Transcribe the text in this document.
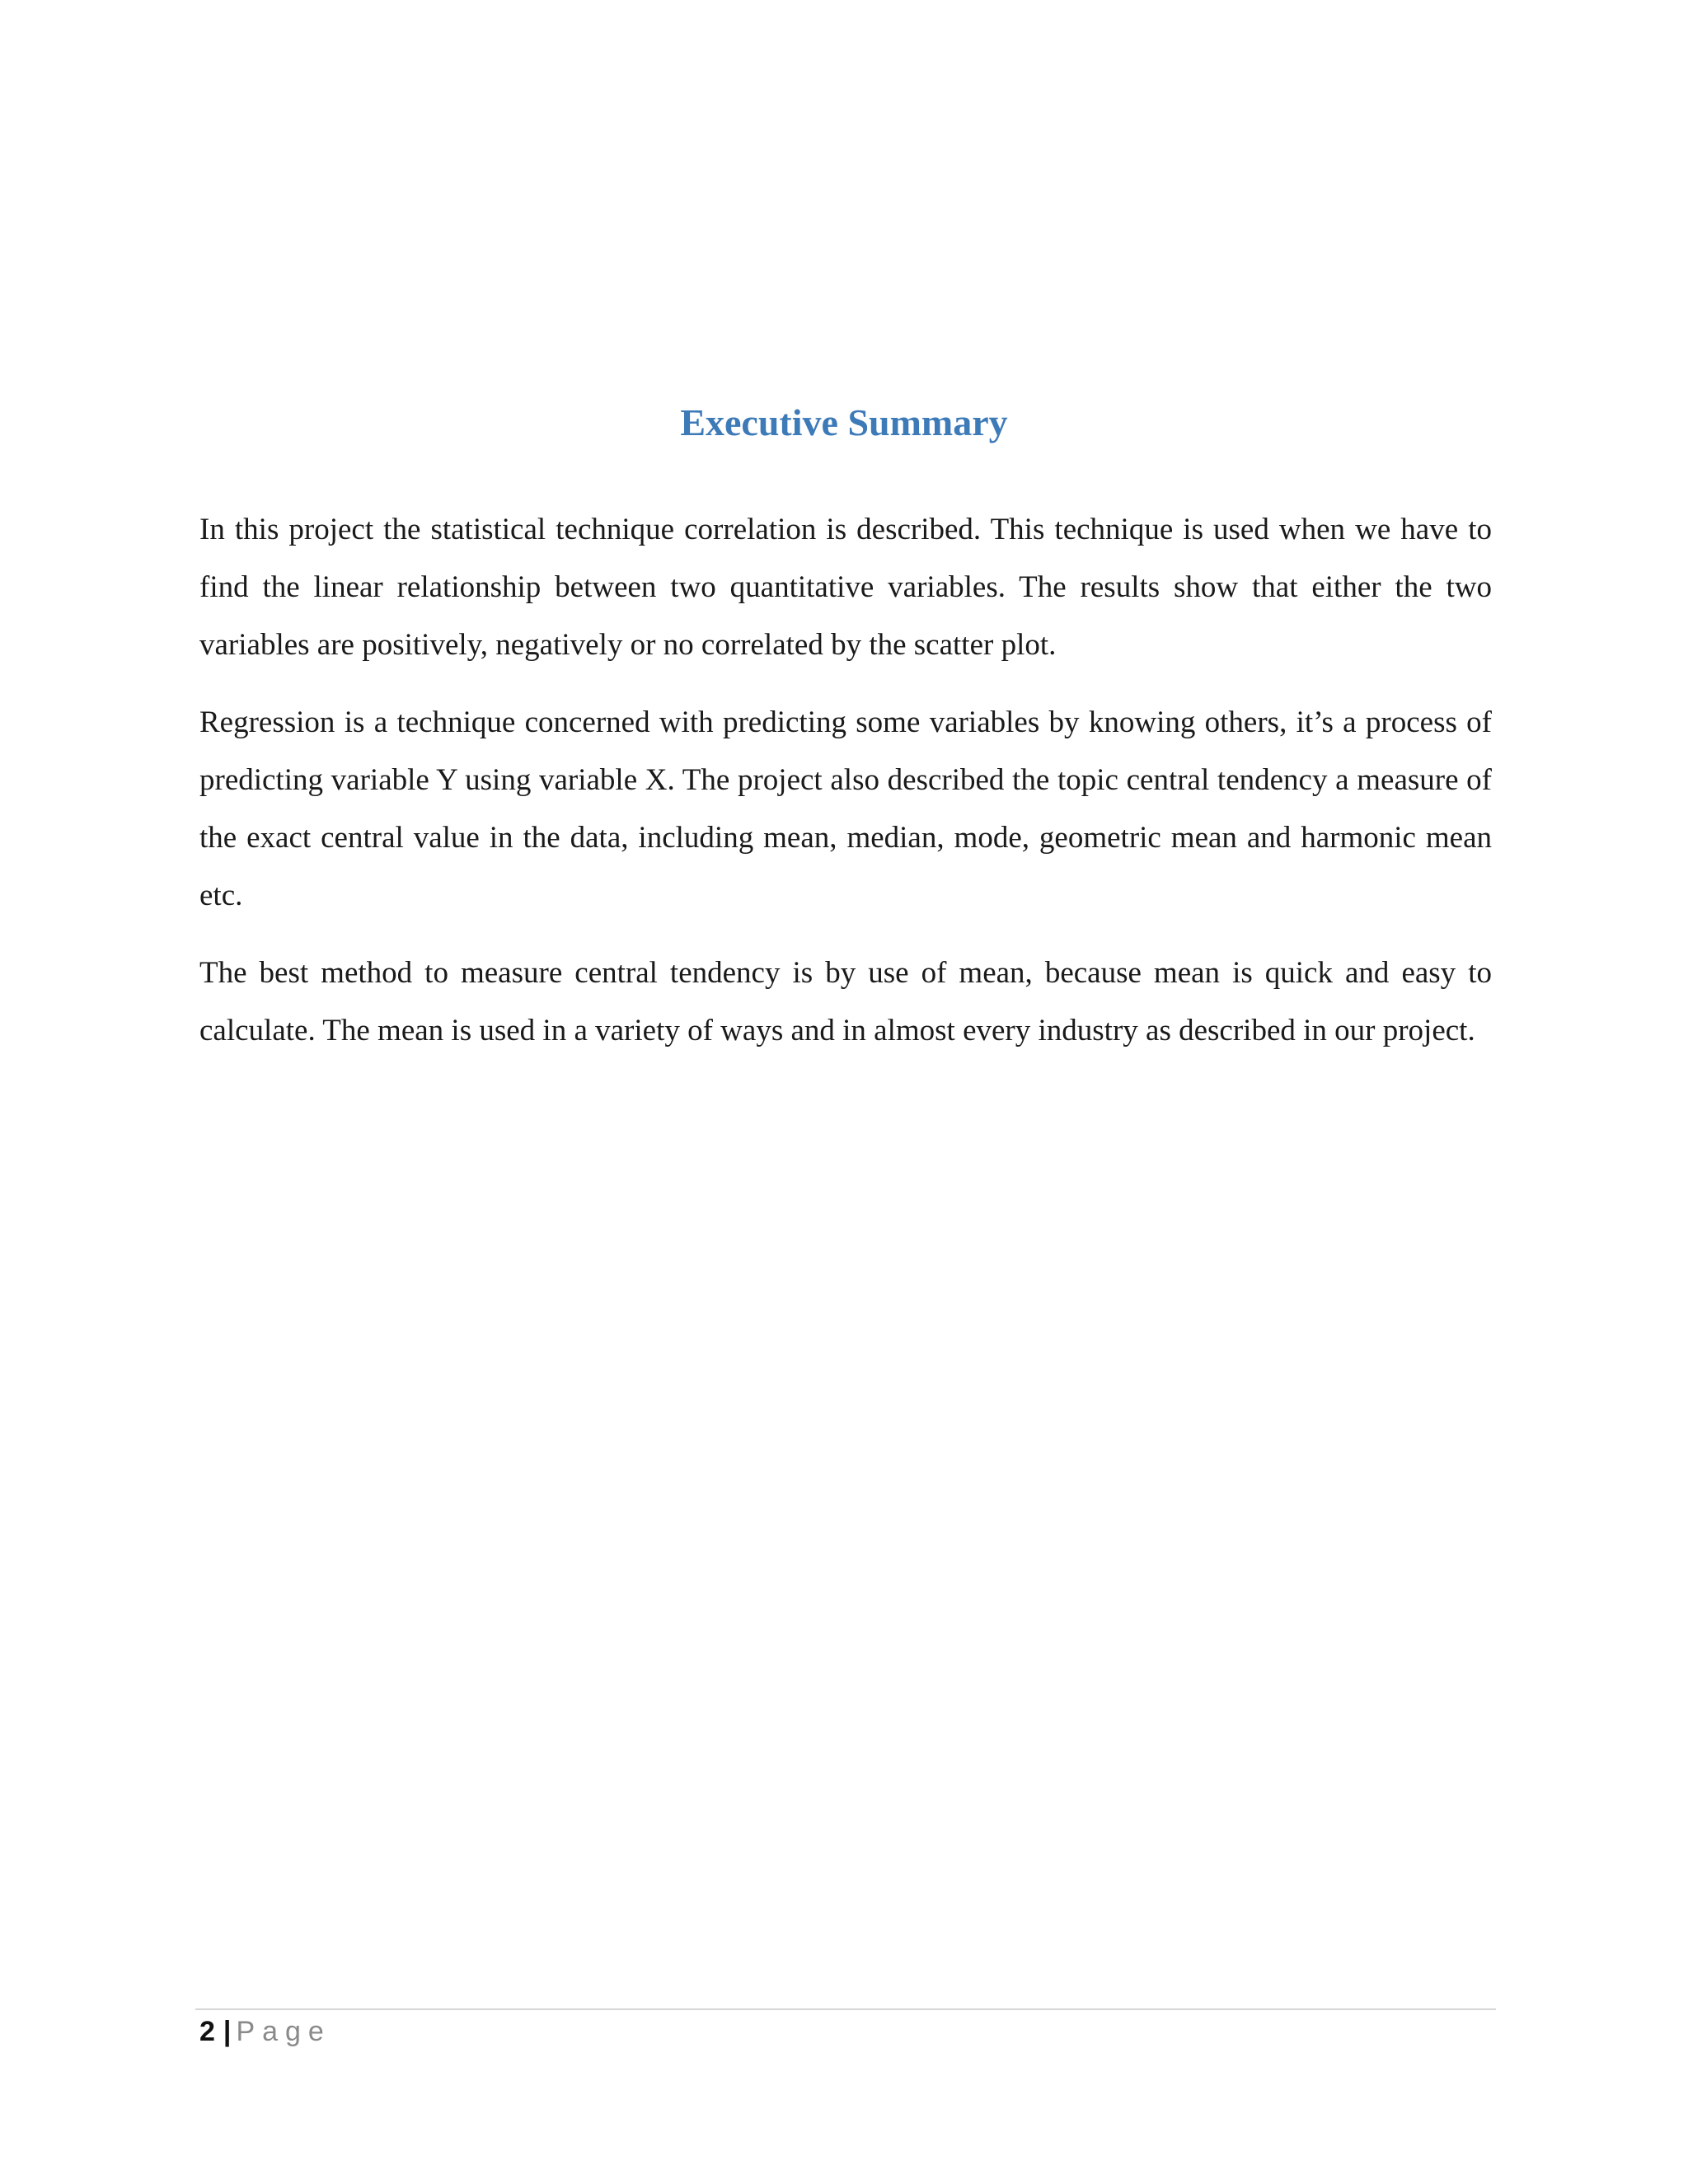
Executive Summary

In this project the statistical technique correlation is described. This technique is used when we have to find the linear relationship between two quantitative variables. The results show that either the two variables are positively, negatively or no correlated by the scatter plot.

Regression is a technique concerned with predicting some variables by knowing others, it’s a process of predicting variable Y using variable X. The project also described the topic central tendency a measure of the exact central value in the data, including mean, median, mode, geometric mean and harmonic mean etc.

The best method to measure central tendency is by use of mean, because mean is quick and easy to calculate. The mean is used in a variety of ways and in almost every industry as described in our project.

2 | Page
